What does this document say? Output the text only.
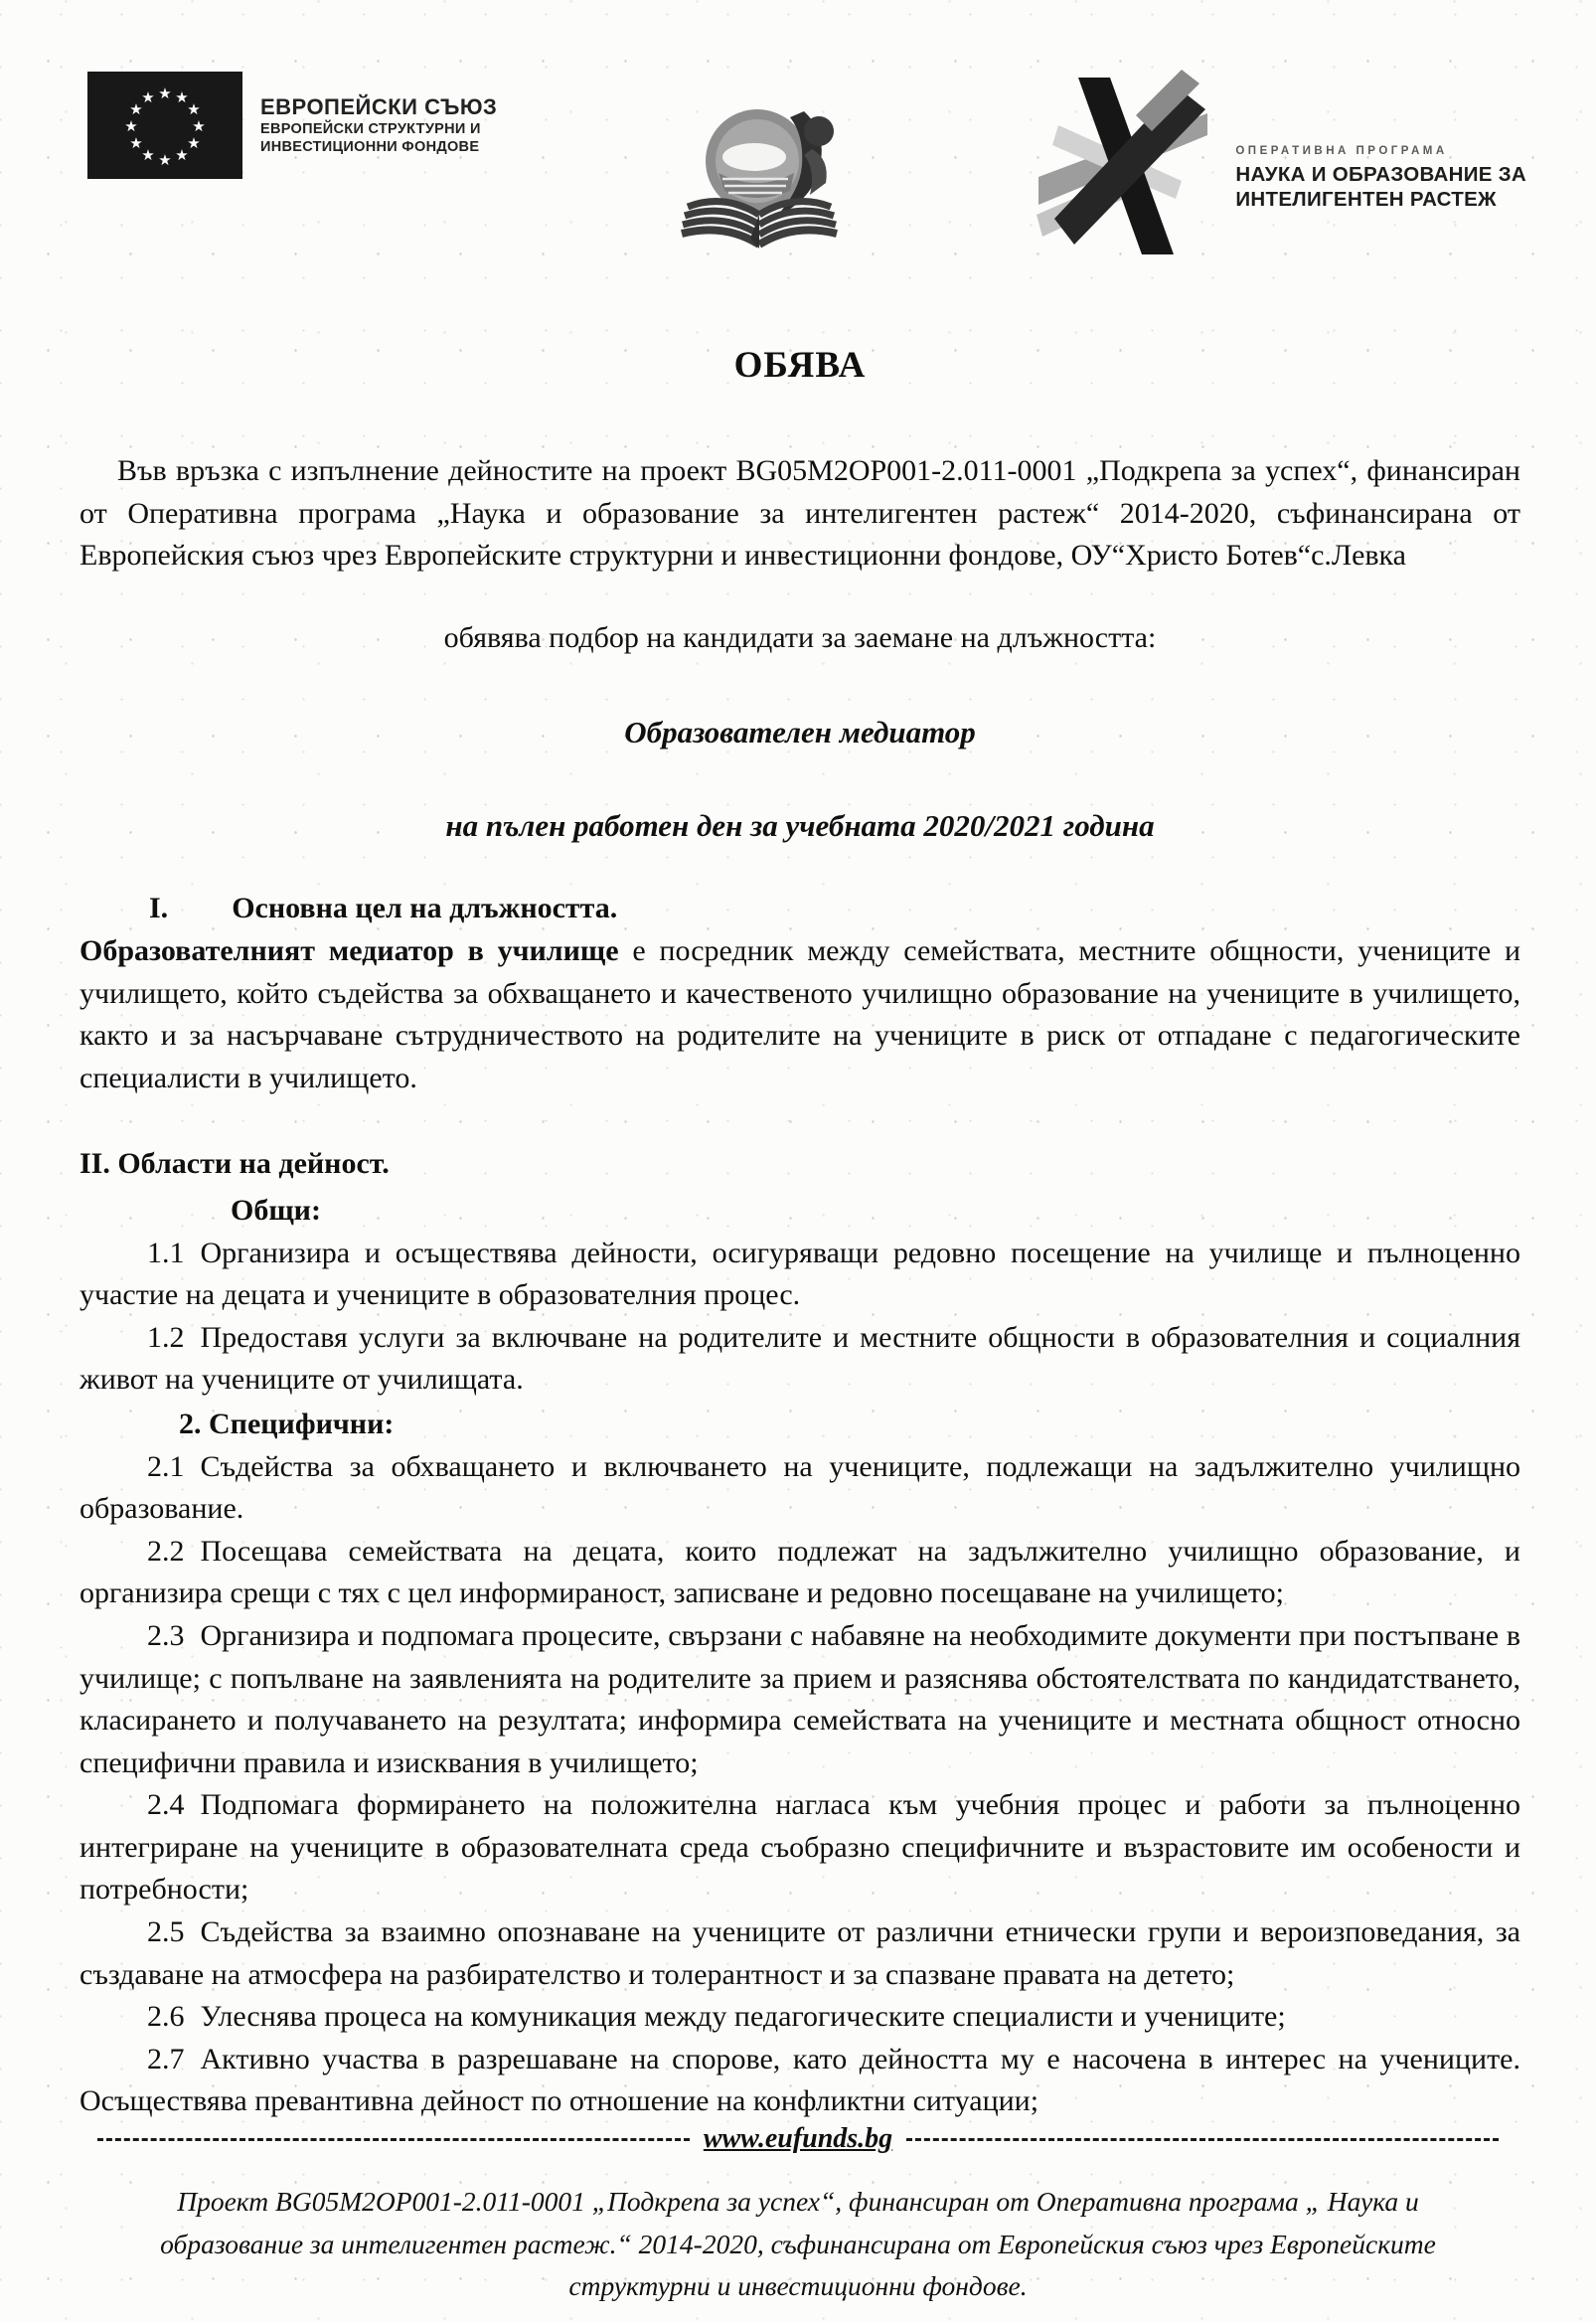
★ ★
★
★
★
★
★
★
★
★
★
★	ЕВРОПЕЙСКИ СЪЮЗ
ЕВРОПЕЙСКИ СТРУКТУРНИ И
ИНВЕСТИЦИОННИ ФОНДОВЕ	ОПЕРАТИВНА ПРОГРАМА
НАУКА И ОБРАЗОВАНИЕ ЗА
ИНТЕЛИГЕНТЕН РАСТЕЖ
ОБЯВА

Във връзка с изпълнение дейностите на проект BG05M2OP001-2.011-0001 „Подкрепа за успех“, финансиран от Оперативна програма „Наука и образование за интелигентен растеж“ 2014-2020, съфинансирана от Европейския съюз чрез Европейските структурни и инвестиционни фондове, ОУ“Христо Ботев“с.Левка

обявява подбор на кандидати за заемане на длъжността:

Образователен медиатор

на пълен работен ден за учебната 2020/2021 година

I. Основна цел на длъжността.

Образователният медиатор в училище е посредник между семействата, местните общности, учениците и училището, който съдейства за обхващането и качественото училищно образование на учениците в училището, както и за насърчаване сътрудничеството на родителите на учениците в риск от отпадане с педагогическите специалисти в училището.

II. Области на дейност.

Общи:

1.1 Организира и осъществява дейности, осигуряващи редовно посещение на училище и пълноценно участие на децата и учениците в образователния процес.

1.2 Предоставя услуги за включване на родителите и местните общности в образователния и социалния живот на учениците от училищата.

2. Специфични:

2.1 Съдейства за обхващането и включването на учениците, подлежащи на задължително училищно образование.

2.2 Посещава семействата на децата, които подлежат на задължително училищно образование, и организира срещи с тях с цел информираност, записване и редовно посещаване на училището;

2.3 Организира и подпомага процесите, свързани с набавяне на необходимите документи при постъпване в училище; с попълване на заявленията на родителите за прием и разяснява обстоятелствата по кандидатстването, класирането и получаването на резултата; информира семействата на учениците и местната общност относно специфични правила и изисквания в училището;

2.4 Подпомага формирането на положителна нагласа към учебния процес и работи за пълноценно интегриране на учениците в образователната среда съобразно специфичните и възрастовите им особености и потребности;

2.5 Съдейства за взаимно опознаване на учениците от различни етнически групи и вероизповедания, за създаване на атмосфера на разбирателство и толерантност и за спазване правата на детето;

2.6 Улеснява процеса на комуникация между педагогическите специалисти и учениците;

2.7 Активно участва в разрешаване на спорове, като дейността му е насочена в интерес на учениците. Осъществява превантивна дейност по отношение на конфликтни ситуации;

www.eufunds.bg

Проект BG05M2OP001-2.011-0001 „Подкрепа за успех“, финансиран от Оперативна програма „ Наука и образование за интелигентен растеж.“ 2014-2020, съфинансирана от Европейския съюз чрез Европейските структурни и инвестиционни фондове.
